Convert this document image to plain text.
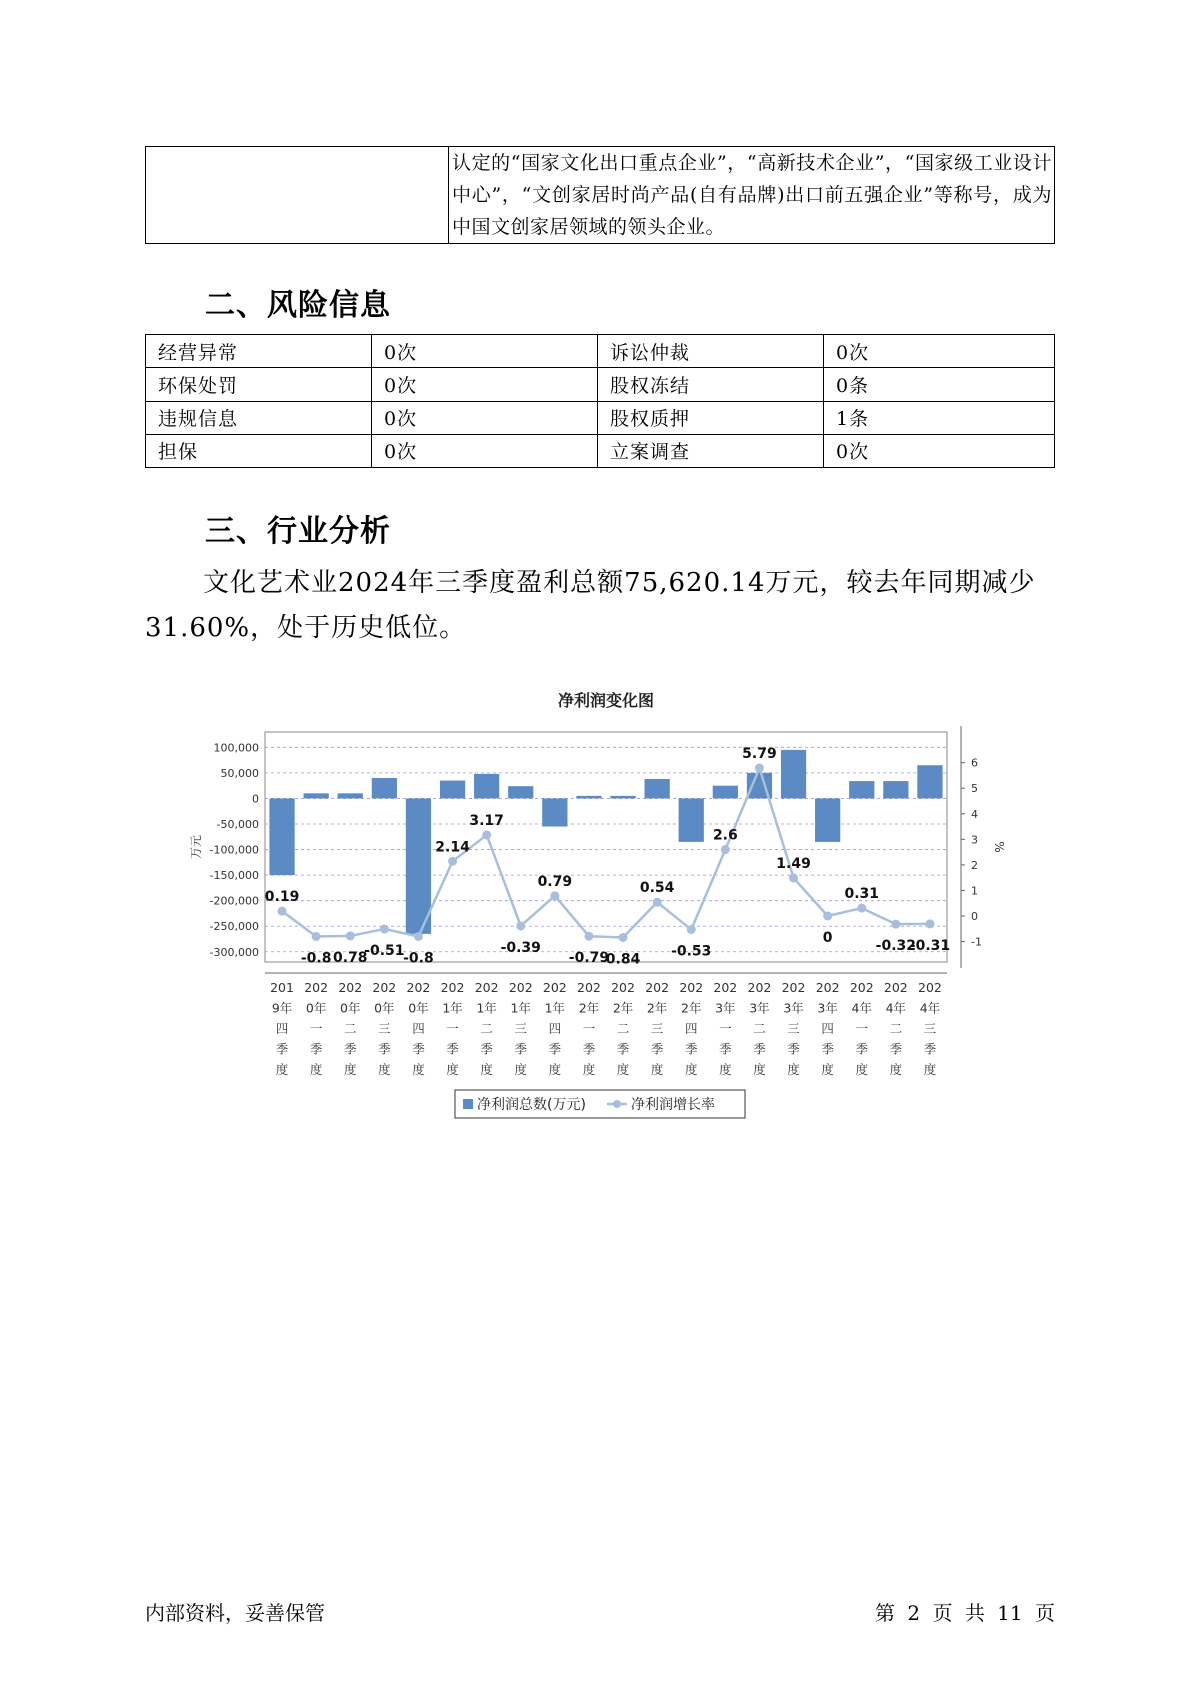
认定的“国家文化出口重点企业”，“高新技术企业”，“国家级工业设计中心”，“文创家居时尚产品(自有品牌)出口前五强企业”等称号，成为中国文创家居领域的领头企业。
二、风险信息
经营异常	0次	诉讼仲裁	0次
环保处罚	0次	股权冻结	0条
违规信息	0次	股权质押	1条
担保	0次	立案调查	0次
三、行业分析

文化艺术业2024年三季度盈利总额75,620.14万元，较去年同期减少31.60%，处于历史低位。

净利润变化图
100,000
50,000
0
-50,000
-100,000
-150,000
-200,000
-250,000
-300,000
6
5
4
3
2
1
0
-1
万元	%
0.19
-0.8 0.78
-0.51
-0.8
2.14
3.17
-0.39
0.79
-0.79
0.84
0.54
-0.53
2.6
5.79
1.49
0
0.31
-0.32
-0.31
201
9年
四
季
度
202
0年
一
季
度
202
0年
二
季
度
202
0年
三
季
度
202
0年
四
季
度
202
1年
一
季
度
202
1年
二
季
度
202
1年
三
季
度
202
1年
四
季
度
202
2年
一
季
度
202
2年
二
季
度
202
2年
三
季
度
202
2年
四
季
度
202
3年
一
季
度
202
3年
二
季
度
202
3年
三
季
度
202
3年
四
季
度
202
4年
一
季
度
202
4年
二
季
度
202
4年
三
季
度
净利润总数(万元)	净利润增长率
内部资料，妥善保管	第 2 页 共 11 页
